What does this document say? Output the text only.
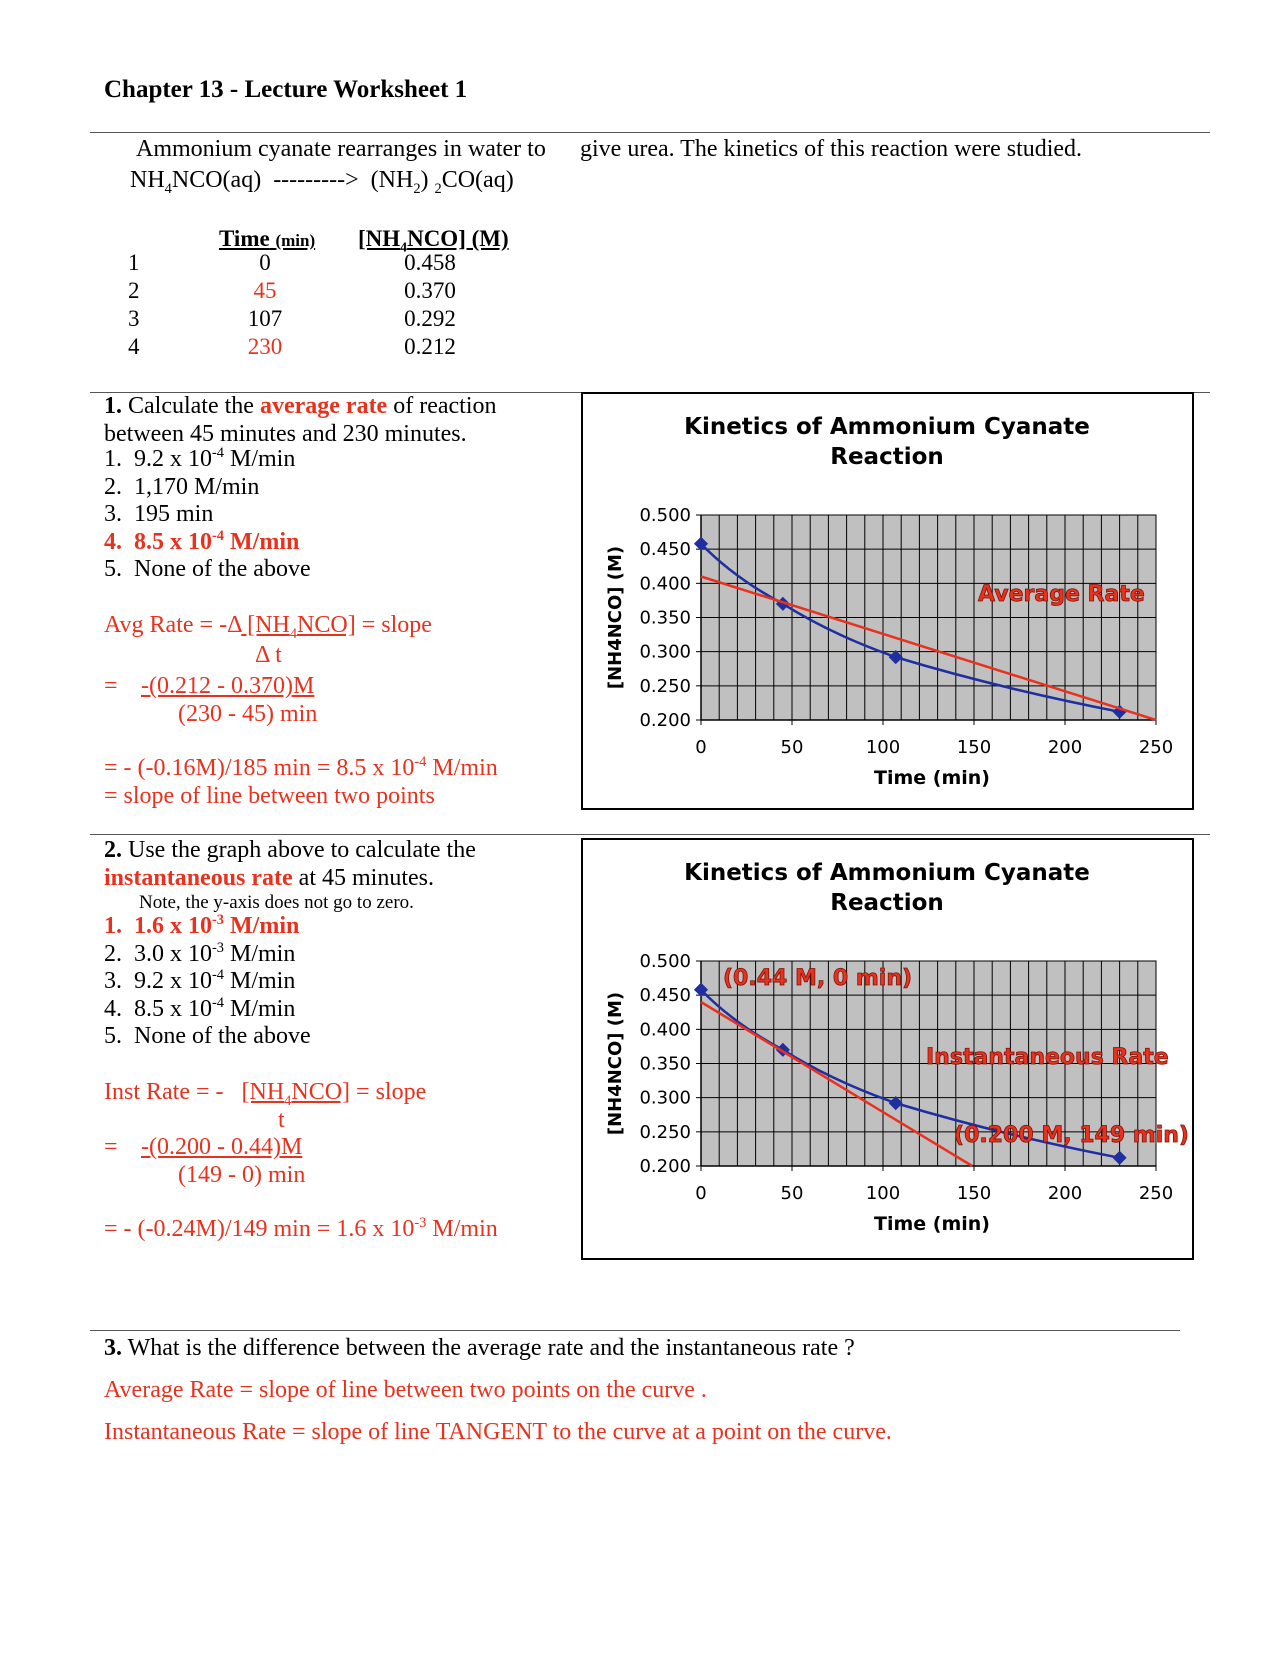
Chapter 13 - Lecture Worksheet 1
Ammonium cyanate rearranges in water to give urea. The kinetics of this reaction were studied.
$NH_4NCO(aq)$ ---------> $(NH_2)$ $_2$CO(aq)
Time (min) $[NH_4NCO]$ (M)
1	0	0.458
2	45	0.370
3	107	0.292
4	230	0.212
1. Calculate the average rate of reaction
between 45 minutes and 230 minutes.
1. 9.2 x $10^{-4}$ M/min
2. 1,170 M/min
3. 195 min
4. 8.5 x $10^{-4}$ M/min
5. None of the above
Avg Rate = -Δ $[NH_4NCO]$ = slope
Δ t
= -(0.212 - 0.370)M
(230 - 45) min
= - (-0.16M)/185 min = 8.5 x $10^{-4}$ M/min
= slope of line between two points
Kinetics of Ammonium Cyanate
Reaction
0.500
0.450
0.400
0.350
0.300
0.250
0.200
0	50	100	150	200	250
Time (min)
[NH4NCO] (M)	Average Rate
2. Use the graph above to calculate the
instantaneous rate at 45 minutes.
Note, the y-axis does not go to zero.
1. 1.6 x $10^{-3}$ M/min
2. 3.0 x $10^{-3}$ M/min
3. 9.2 x $10^{-4}$ M/min
4. 8.5 x $10^{-4}$ M/min
5. None of the above
Inst Rate = - $[NH_4NCO]$ = slope
t
= -(0.200 - 0.44)M
(149 - 0) min
= - (-0.24M)/149 min = 1.6 x $10^{-3}$ M/min
Kinetics of Ammonium Cyanate
Reaction
0.500
0.450
0.400
0.350
0.300
0.250
0.200
0	50	100	150	200	250
Time (min)
[NH4NCO] (M)
(0.44 M, 0 min)
Instantaneous Rate
(0.200 M, 149 min)
3. What is the difference between the average rate and the instantaneous rate ?
Average Rate = slope of line between two points on the curve .
Instantaneous Rate = slope of line TANGENT to the curve at a point on the curve.
